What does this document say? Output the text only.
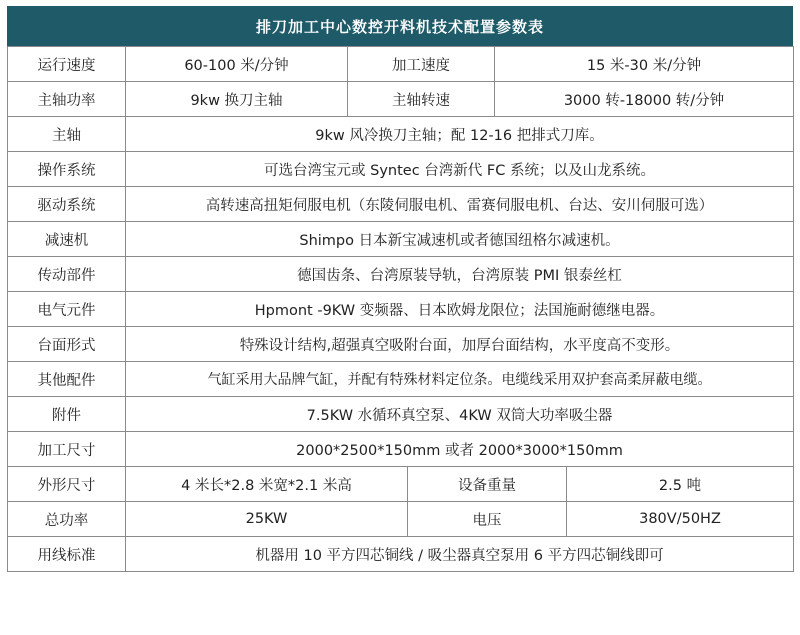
排刀加工中心数控开料机技术配置参数表
运行速度	60-100 米/分钟	加工速度		15 米-30 米/分钟	
主轴功率	9kw 换刀主轴	主轴转速		3000 转-18000 转/分钟	
主轴	9kw 风冷换刀主轴；配 12-16 把排式刀库。				
操作系统	可选台湾宝元或 Syntec 台湾新代 FC 系统；以及山龙系统。				
驱动系统	高转速高扭矩伺服电机（东陵伺服电机、雷赛伺服电机、台达、安川伺服可选）				
减速机	Shimpo 日本新宝减速机或者德国纽格尔减速机。				
传动部件	德国齿条、台湾原装导轨，台湾原装 PMI 银泰丝杠				
电气元件	Hpmont -9KW 变频器、日本欧姆龙限位；法国施耐德继电器。				
台面形式	特殊设计结构,超强真空吸附台面，加厚台面结构，水平度高不变形。				
其他配件	气缸采用大品牌气缸，并配有特殊材料定位条。电缆线采用双护套高柔屏蔽电缆。				
附件	7.5KW 水循环真空泵、4KW 双筒大功率吸尘器				
加工尺寸	2000*2500*150mm 或者 2000*3000*150mm				
外形尺寸	4 米长*2.8 米宽*2.1 米高		设备重量		2.5 吨
总功率	25KW		电压		380V/50HZ
用线标准	机器用 10 平方四芯铜线 / 吸尘器真空泵用 6 平方四芯铜线即可				
